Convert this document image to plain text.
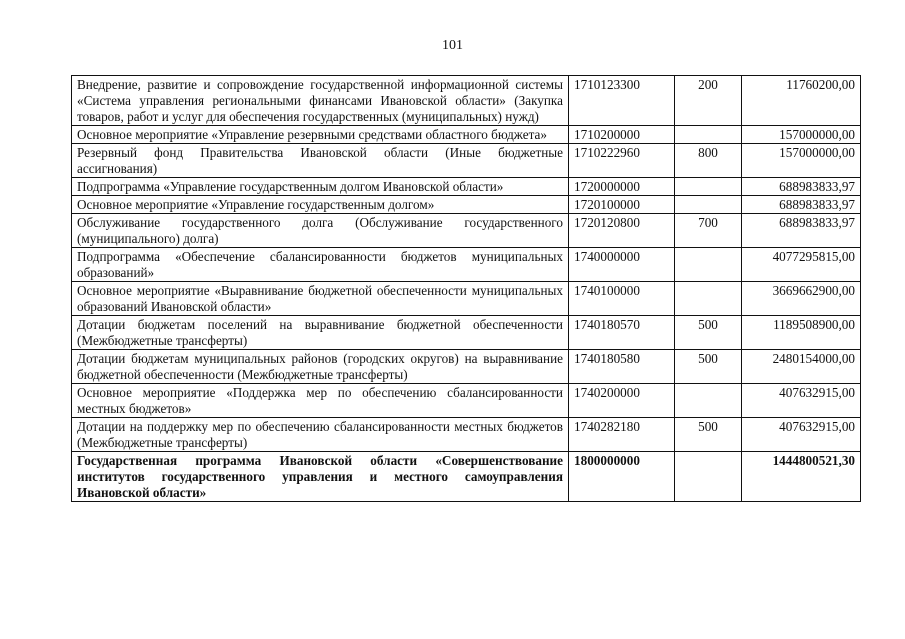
101
Внедрение, развитие и сопровождение государственной информационной системы «Система управления региональными финансами Ивановской области» (Закупка товаров, работ и услуг для обеспечения государственных (муниципальных) нужд)	1710123300	200	11760200,00
Основное мероприятие «Управление резервными средствами областного бюджета»	1710200000		157000000,00
Резервный фонд Правительства Ивановской области (Иные бюджетные ассигнования)	1710222960	800	157000000,00
Подпрограмма «Управление государственным долгом Ивановской области»	1720000000		688983833,97
Основное мероприятие «Управление государственным долгом»	1720100000		688983833,97
Обслуживание государственного долга (Обслуживание государственного (муниципального) долга)	1720120800	700	688983833,97
Подпрограмма «Обеспечение сбалансированности бюджетов муниципальных образований»	1740000000		4077295815,00
Основное мероприятие «Выравнивание бюджетной обеспеченности муниципальных образований Ивановской области»	1740100000		3669662900,00
Дотации бюджетам поселений на выравнивание бюджетной обеспеченности (Межбюджетные трансферты)	1740180570	500	1189508900,00
Дотации бюджетам муниципальных районов (городских округов) на выравнивание бюджетной обеспеченности (Межбюджетные трансферты)	1740180580	500	2480154000,00
Основное мероприятие «Поддержка мер по обеспечению сбалансированности местных бюджетов»	1740200000		407632915,00
Дотации на поддержку мер по обеспечению сбалансированности местных бюджетов (Межбюджетные трансферты)	1740282180	500	407632915,00
Государственная программа Ивановской области «Совершенствование институтов государственного управления и местного самоуправления Ивановской области»	1800000000		1444800521,30
